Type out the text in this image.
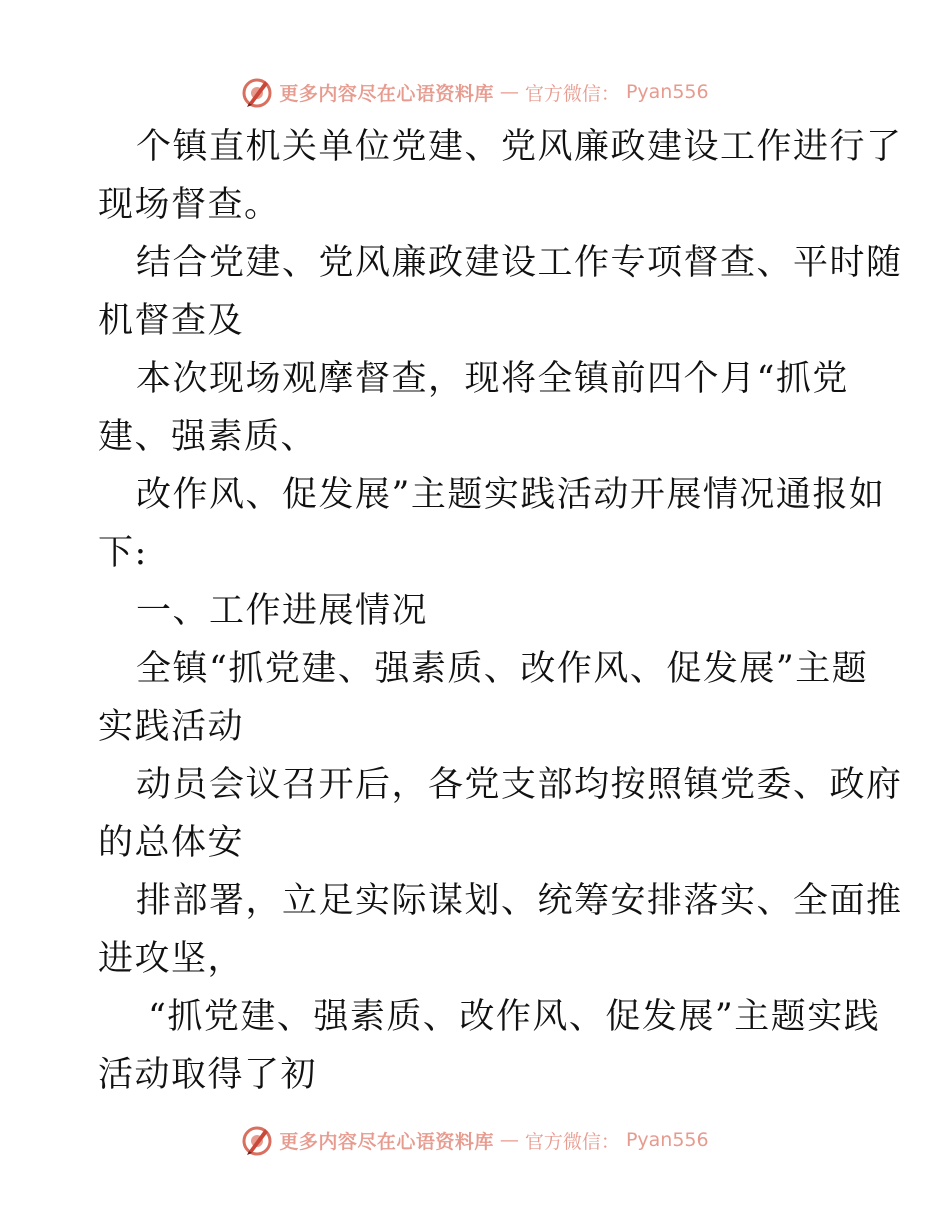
更多内容尽在心语资料库 — 官方微信： Pyan556
个镇直机关单位党建、党风廉政建设工作进行了
现场督查。
结合党建、党风廉政建设工作专项督查、平时随
机督查及
本次现场观摩督查，现将全镇前四个月“抓党
建、强素质、
改作风、促发展”主题实践活动开展情况通报如
下:
一、工作进展情况
全镇“抓党建、强素质、改作风、促发展”主题
实践活动
动员会议召开后，各党支部均按照镇党委、政府
的总体安
排部署，立足实际谋划、统筹安排落实、全面推
进攻坚，
“抓党建、强素质、改作风、促发展”主题实践
活动取得了初
更多内容尽在心语资料库 — 官方微信： Pyan556
